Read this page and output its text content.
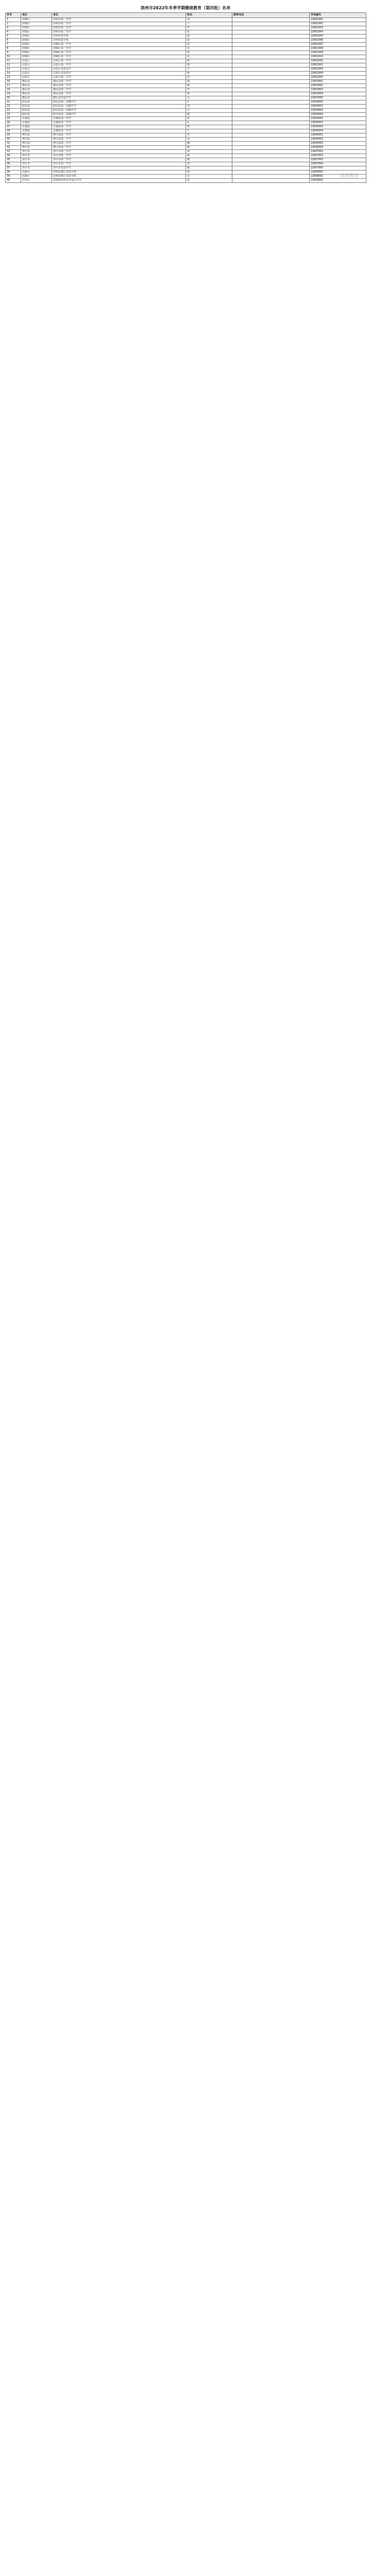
滨州市2022年冬季学期继续教育（第四批）名单
序号	县区	单位	姓名	联系电话	学员编号
1	滨城区	滨州市第一中学	刘		22K01001
2	滨城区	滨州市第一中学	王		22K01002
3	滨城区	滨州市第二中学	李		22K01003
4	滨城区	滨州市第二中学	张		22K01004
5	滨城区	滨州实验学校	赵		22K01005
6	滨城区	滨州实验学校	孙		22K01006
7	滨城区	滨城区第一中学	周		22K01007
8	滨城区	滨城区第一中学	吴		22K01008
9	滨城区	滨城区第二中学	郑		22K01009
10	滨城区	滨城区第二中学	冯		22K01010
11	沾化区	沾化区第一中学	陈		22K02001
12	沾化区	沾化区第一中学	褚		22K02002
13	沾化区	沾化区实验高中	卫		22K02003
14	沾化区	沾化区实验高中	蒋		22K02004
15	沾化区	沾化区第二中学	沈		22K02005
16	惠民县	惠民县第一中学	韩		22K03001
17	惠民县	惠民县第一中学	杨		22K03002
18	惠民县	惠民县第二中学	朱		22K03003
19	惠民县	惠民县第二中学	秦		22K03004
20	惠民县	惠民县实验中学	尤		22K03005
21	阳信县	阳信县第一高级中学	许		22K04001
22	阳信县	阳信县第一高级中学	何		22K04002
23	阳信县	阳信县第二高级中学	吕		22K04003
24	阳信县	阳信县第二高级中学	施		22K04004
25	无棣县	无棣县第一中学	张		22K05001
26	无棣县	无棣县第一中学	孔		22K05002
27	无棣县	无棣县第二中学	曹		22K05003
28	无棣县	无棣县第二中学	严		22K05004
29	博兴县	博兴县第一中学	华		22K06001
30	博兴县	博兴县第一中学	金		22K06002
31	博兴县	博兴县第二中学	魏		22K06003
32	博兴县	博兴县第二中学	陶		22K06004
33	邹平市	邹平市第一中学	姜		22K07001
34	邹平市	邹平市第一中学	戚		22K07002
35	邹平市	邹平市第二中学	谢		22K07003
36	邹平市	邹平市第二中学	邹		22K07004
37	邹平市	邹平市实验中学	喻		22K07005
38	高新区	滨州高新区实验学校	柏		22K08001
39	高新区	滨州高新区实验学校	水		22K08002
40	开发区	滨州经济技术开发区中学	窦		22K09001
滨州教育
